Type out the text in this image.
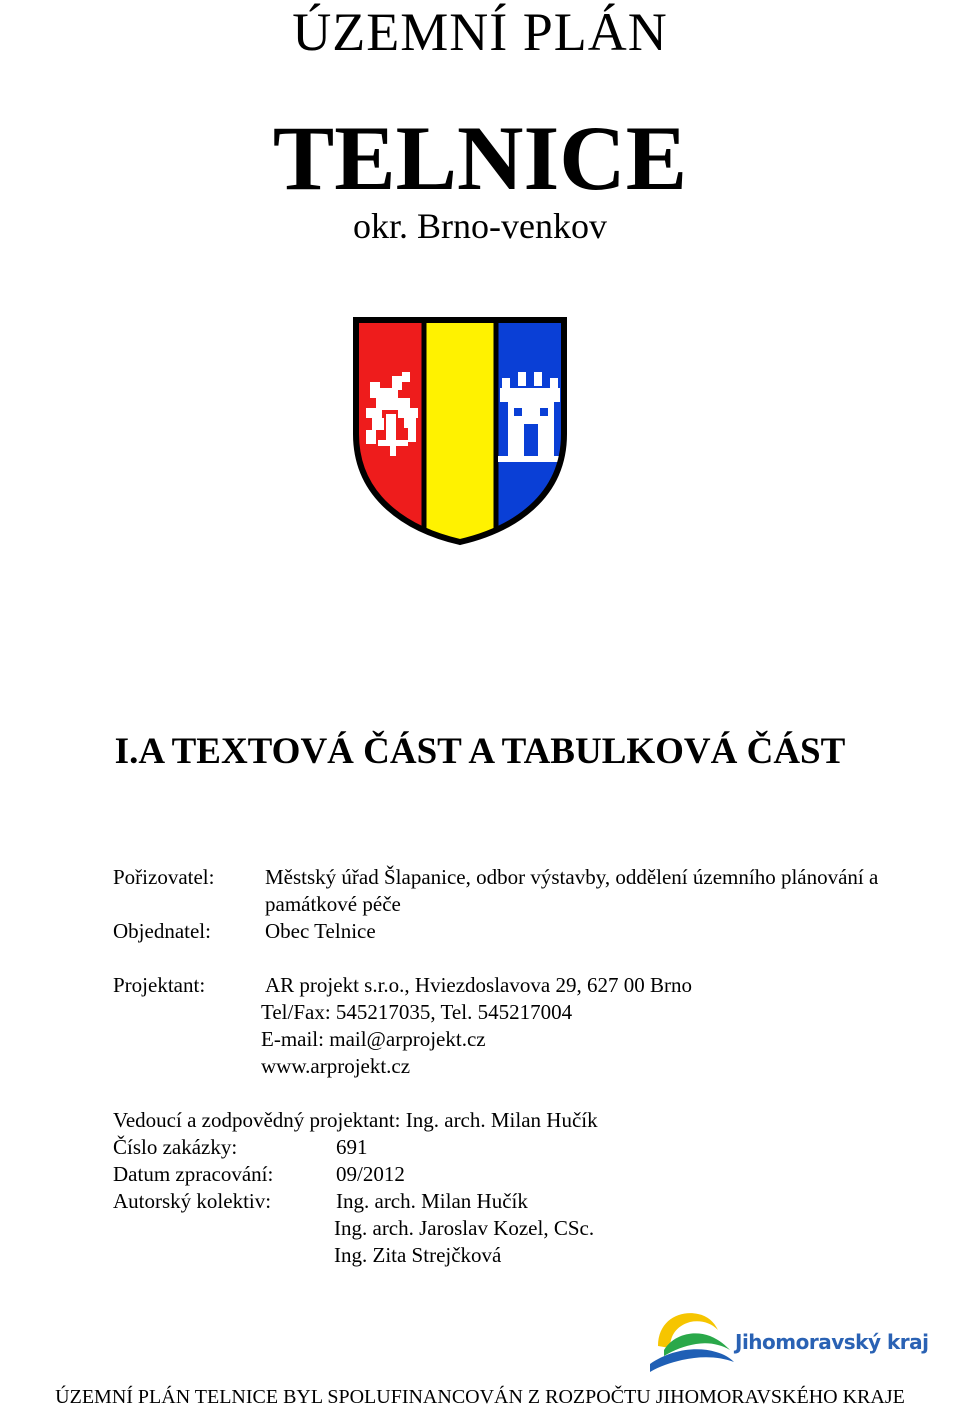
ÚZEMNÍ PLÁN
TELNICE
okr. Brno-venkov
I.A TEXTOVÁ ČÁST A TABULKOVÁ ČÁST
Pořizovatel: Městský úřad Šlapanice, odbor výstavby, oddělení územního plánování a
památkové péče
Objednatel:	Obec Telnice
Projektant:	AR projekt s.r.o., Hviezdoslavova 29, 627 00 Brno
Tel/Fax: 545217035, Tel. 545217004
E-mail: mail@arprojekt.cz
www.arprojekt.cz
Vedoucí a zodpovědný projektant: Ing. arch. Milan Hučík
Číslo zakázky:	691
Datum zpracování:	09/2012
Autorský kolektiv:	Ing. arch. Milan Hučík
Ing. arch. Jaroslav Kozel, CSc.
Ing. Zita Strejčková
Jihomoravský kraj
ÚZEMNÍ PLÁN TELNICE BYL SPOLUFINANCOVÁN Z ROZPOČTU JIHOMORAVSKÉHO KRAJE
